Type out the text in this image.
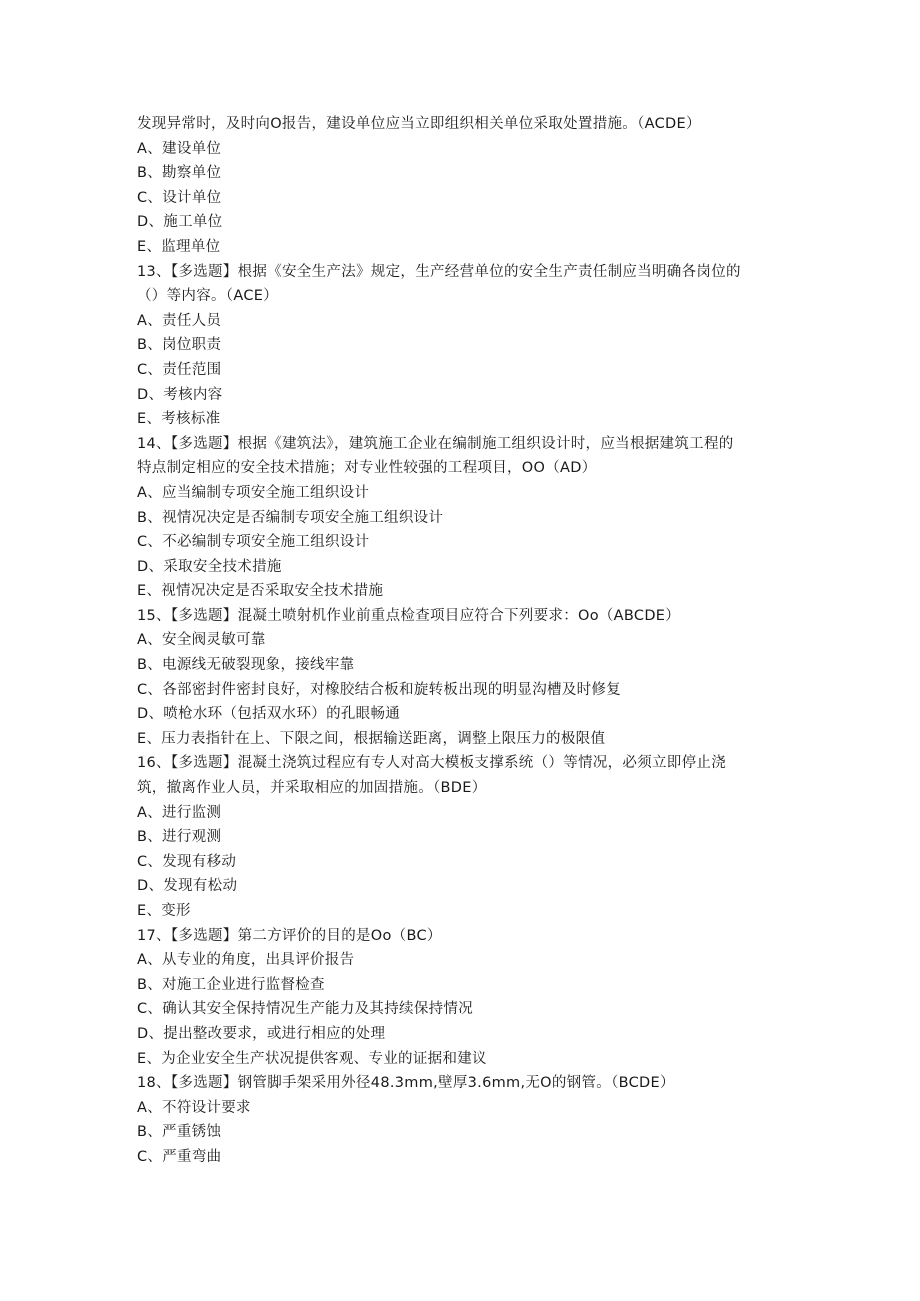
发现异常时，及时向O报告，建设单位应当立即组织相关单位采取处置措施。（ACDE）
A、建设单位
B、勘察单位
C、设计单位
D、施工单位
E、监理单位
13、【多选题】根据《安全生产法》规定，生产经营单位的安全生产责任制应当明确各岗位的
（）等内容。（ACE）
A、责任人员
B、岗位职责
C、责任范围
D、考核内容
E、考核标准
14、【多选题】根据《建筑法》，建筑施工企业在编制施工组织设计时，应当根据建筑工程的
特点制定相应的安全技术措施；对专业性较强的工程项目，OO（AD）
A、应当编制专项安全施工组织设计
B、视情况决定是否编制专项安全施工组织设计
C、不必编制专项安全施工组织设计
D、采取安全技术措施
E、视情况决定是否采取安全技术措施
15、【多选题】混凝土喷射机作业前重点检查项目应符合下列要求：Oo（ABCDE）
A、安全阀灵敏可靠
B、电源线无破裂现象，接线牢靠
C、各部密封件密封良好，对橡胶结合板和旋转板出现的明显沟槽及时修复
D、喷枪水环（包括双水环）的孔眼畅通
E、压力表指针在上、下限之间，根据输送距离，调整上限压力的极限值
16、【多选题】混凝土浇筑过程应有专人对高大模板支撑系统（）等情况，必须立即停止浇
筑，撤离作业人员，并采取相应的加固措施。（BDE）
A、进行监测
B、进行观测
C、发现有移动
D、发现有松动
E、变形
17、【多选题】第二方评价的目的是Oo（BC）
A、从专业的角度，出具评价报告
B、对施工企业进行监督检查
C、确认其安全保持情况生产能力及其持续保持情况
D、提出整改要求，或进行相应的处理
E、为企业安全生产状况提供客观、专业的证据和建议
18、【多选题】钢管脚手架采用外径48.3mm,壁厚3.6mm,无O的钢管。（BCDE）
A、不符设计要求
B、严重锈蚀
C、严重弯曲
